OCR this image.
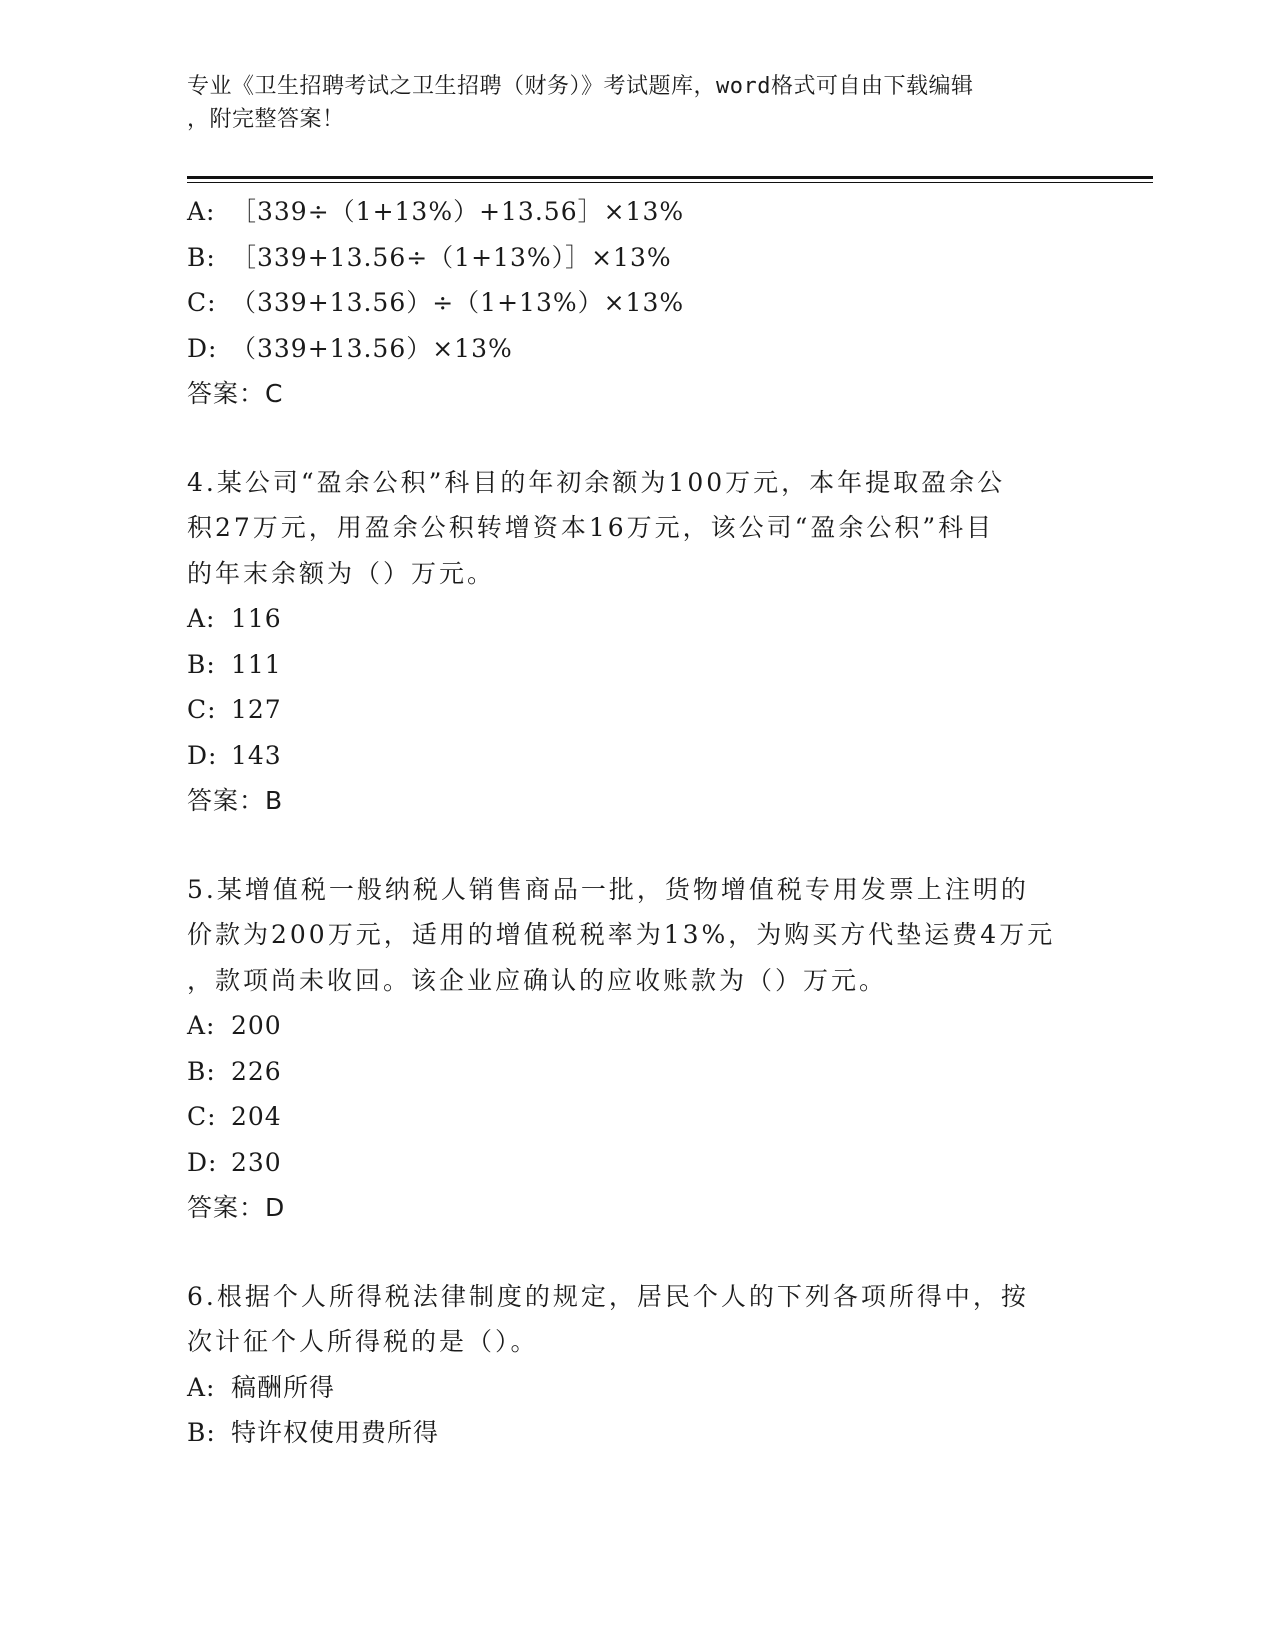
专业《卫生招聘考试之卫生招聘（财务）》考试题库，word格式可自由下载编辑
，附完整答案！
A: ［339÷（1+13%）+13.56］×13%
B: ［339+13.56÷（1+13%）］×13%
C: （339+13.56）÷（1+13%）×13%
D: （339+13.56）×13%
答案：C
4.某公司“盈余公积”科目的年初余额为100万元，本年提取盈余公
积27万元，用盈余公积转增资本16万元，该公司“盈余公积”科目
的年末余额为（）万元。
A: 116
B: 111
C: 127
D: 143
答案：B
5.某增值税一般纳税人销售商品一批，货物增值税专用发票上注明的
价款为200万元，适用的增值税税率为13%，为购买方代垫运费4万元
，款项尚未收回。该企业应确认的应收账款为（）万元。
A: 200
B: 226
C: 204
D: 230
答案：D
6.根据个人所得税法律制度的规定，居民个人的下列各项所得中，按
次计征个人所得税的是（）。
A: 稿酬所得
B: 特许权使用费所得
